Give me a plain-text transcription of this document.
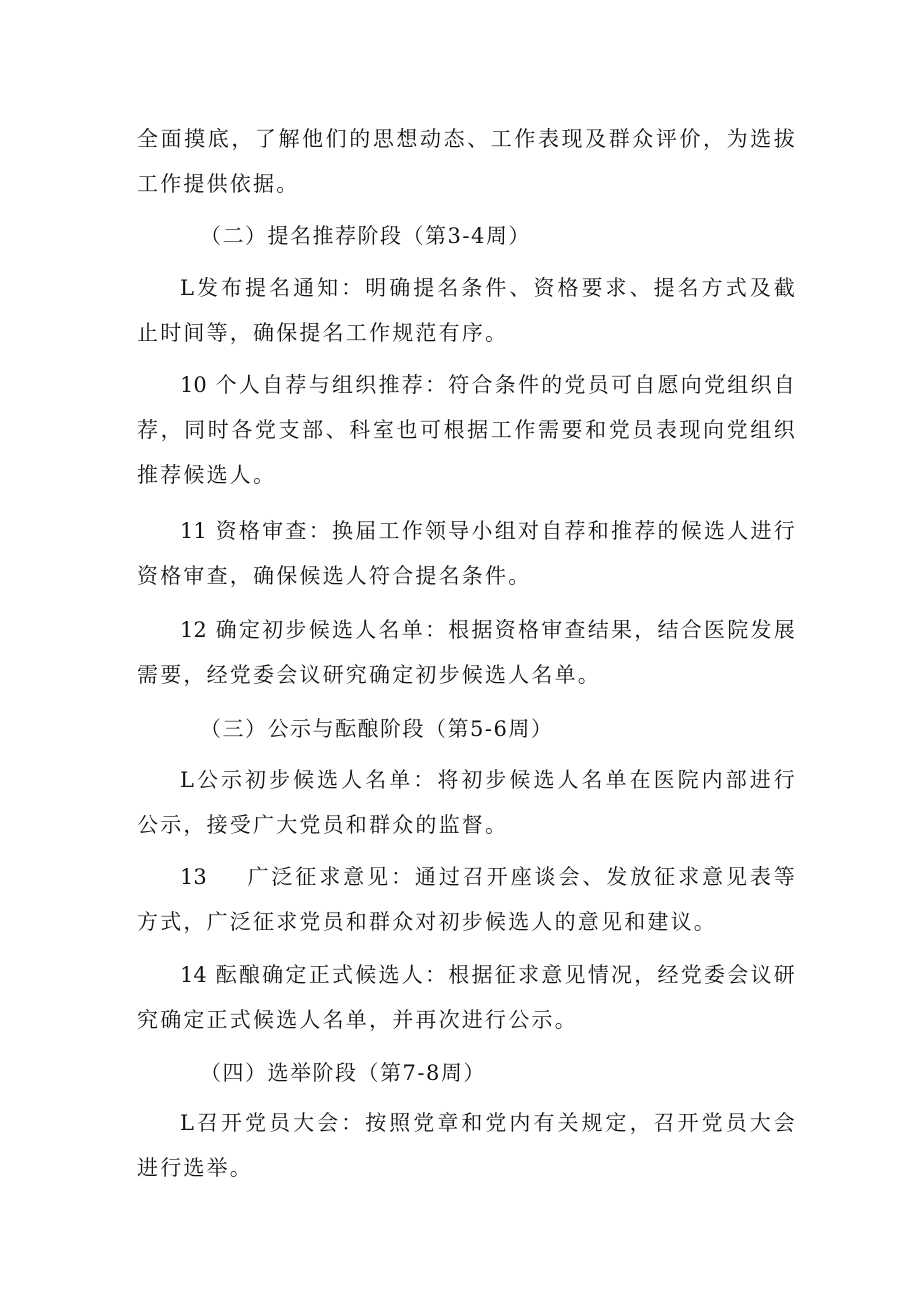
全面摸底，了解他们的思想动态、工作表现及群众评价，为选拔工作提供依据。

（二）提名推荐阶段（第3-4周）

L发布提名通知：明确提名条件、资格要求、提名方式及截止时间等，确保提名工作规范有序。

10 个人自荐与组织推荐：符合条件的党员可自愿向党组织自荐，同时各党支部、科室也可根据工作需要和党员表现向党组织推荐候选人。

11 资格审查：换届工作领导小组对自荐和推荐的候选人进行资格审查，确保候选人符合提名条件。

12 确定初步候选人名单：根据资格审查结果，结合医院发展需要，经党委会议研究确定初步候选人名单。

（三）公示与酝酿阶段（第5-6周）

L公示初步候选人名单：将初步候选人名单在医院内部进行公示，接受广大党员和群众的监督。

13 广泛征求意见：通过召开座谈会、发放征求意见表等方式，广泛征求党员和群众对初步候选人的意见和建议。

14 酝酿确定正式候选人：根据征求意见情况，经党委会议研究确定正式候选人名单，并再次进行公示。

（四）选举阶段（第7-8周）

L召开党员大会：按照党章和党内有关规定，召开党员大会进行选举。
